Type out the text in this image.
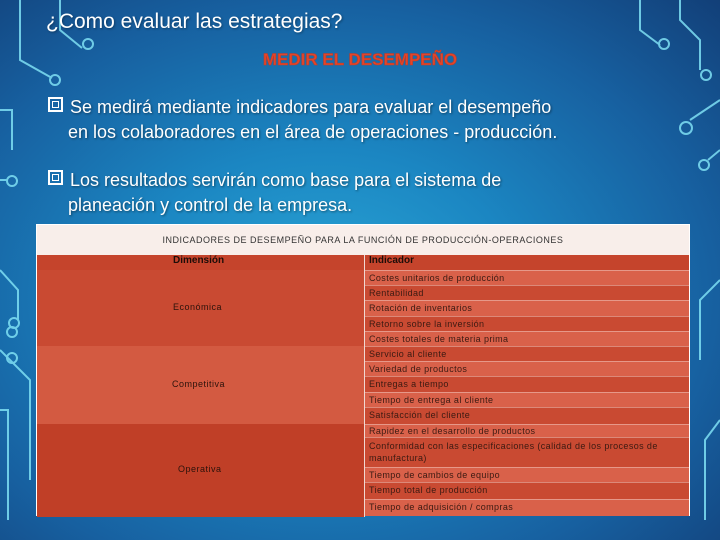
¿Como evaluar las estrategias?
MEDIR EL DESEMPEÑO
Se medirá mediante indicadores para evaluar el desempeño
en los colaboradores en el área de operaciones - producción.
Los resultados servirán como base para el sistema de
planeación y control de la empresa.
INDICADORES DE DESEMPEÑO PARA LA FUNCIÓN DE PRODUCCIÓN-OPERACIONES
Dimensión
Económica
Competitiva
Operativa
Indicador
Costes unitarios de producción
Rentabilidad
Rotación de inventarios
Retorno sobre la inversión
Costes totales de materia prima
Servicio al cliente
Variedad de productos
Entregas a tiempo
Tiempo de entrega al cliente
Satisfacción del cliente
Rapidez en el desarrollo de productos
Conformidad con las especificaciones (calidad de los procesos de manufactura)
Tiempo de cambios de equipo
Tiempo total de producción
Tiempo de adquisición / compras
